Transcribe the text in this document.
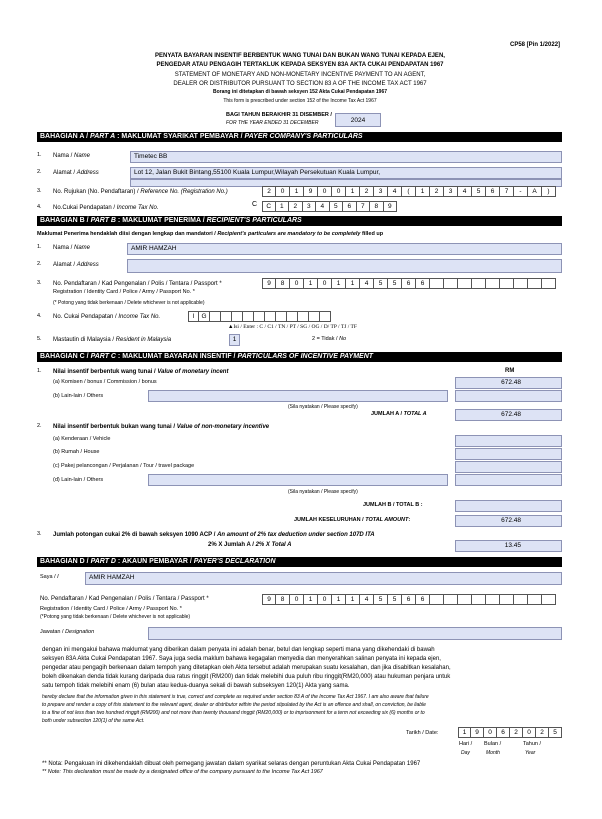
CP58 [Pin 1/2022]
PENYATA BAYARAN INSENTIF BERBENTUK WANG TUNAI DAN BUKAN WANG TUNAI KEPADA EJEN,
PENGEDAR ATAU PENGAGIH TERTAKLUK KEPADA SEKSYEN 83A AKTA CUKAI PENDAPATAN 1967
STATEMENT OF MONETARY AND NON-MONETARY INCENTIVE PAYMENT TO AN AGENT,
DEALER OR DISTRIBUTOR PURSUANT TO SECTION 83 A OF THE INCOME TAX ACT 1967
Borang ini ditetapkan di bawah seksyen 152 Akta Cukai Pendapatan 1967
This form is prescribed under section 152 of the Income Tax Act 1967
BAGI TAHUN BERAKHIR 31 DISEMBER /
FOR THE YEAR ENDED 31 DECEMBER	2024
BAHAGIAN A / PART A : MAKLUMAT SYARIKAT PEMBAYAR / PAYER COMPANY'S PARTICULARS
1. Nama / Name	Timetec BB
2. Alamat / Address	Lot 12, Jalan Bukit Bintang,55100 Kuala Lumpur,Wilayah Persekutuan Kuala Lumpur,
3. No. Rujukan (No. Pendaftaran) / Reference No. (Registration No.)	2	0	1	9	0	0	1	2	3	4	(	1	2	3	4	5	6	7	-	A	)
4. No.Cukai Pendapatan / Income Tax No.	C	C	1	2	3	4	5	6	7	8	9
BAHAGIAN B / PART B : MAKLUMAT PENERIMA / RECIPIENT'S PARTICULARS
Maklumat Penerima hendaklah diisi dengan lengkap dan mandatori / Recipient's particulars are mandatory to be completely filled up
1. Nama / Name	AMIR HAMZAH
2. Alamat / Address
3. No. Pendaftaran / Kad Pengenalan / Polis / Tentara / Passport *
Registration / Identity Card / Police / Army / Passport No. *
(* Potong yang tidak berkenaan / Delete whichever is not applicable)
9	8	0	1	0	1	1	4	5	5	6	6
4. No. Cukai Pendapatan / Income Tax No.	I	G
▲Isi / Enter : C / C1 / TN / PT / SG / OG / D/ TP / TJ / TF
5. Mastautin di Malaysia / Resident in Malaysia	1	2 = Tidak / No
BAHAGIAN C / PART C : MAKLUMAT BAYARAN INSENTIF / PARTICULARS OF INCENTIVE PAYMENT
RM
1. Nilai insentif berbentuk wang tunai / Value of monetary incent
(a) Komisen / bonus / Commission / bonus	672.48
(b) Lain-lain / Others
(Sila nyatakan / Please specify)
JUMLAH A / TOTAL A	672.48
2. Nilai insentif berbentuk bukan wang tunai / Value of non-monetary incentive
(a) Kenderaan / Vehicle
(b) Rumah / House
(c) Pakej pelancongan / Perjalanan / Tour / travel package
(d) Lain-lain / Others
(Sila nyatakan / Please specify)
JUMLAH B / TOTAL B :
JUMLAH KESELURUHAN / TOTAL AMOUNT:	672.48
3. Jumlah potongan cukai 2% di bawah seksyen 1090 ACP / An amount of 2% tax deduction under section 107D ITA
2% X Jumlah A / 2% X Total A	13.45
BAHAGIAN D / PART D : AKAUN PEMBAYAR / PAYER'S DECLARATION
Saya / I	AMIR HAMZAH
No. Pendaftaran / Kad Pengenalan / Polis / Tentara / Passport *
Registration / Identity Card / Police / Army / Passport No. *
(*Potong yang tidak berkenaan / Delete whichever is not applicable)
9	8	0	1	0	1	1	4	5	5	6	6
Jawatan / Designation
dengan ini mengakui bahawa maklumat yang diberikan dalam penyata ini adalah benar, betul dan lengkap seperti mana yang dikehendaki di bawah
seksyen 83A Akta Cukai Pendapatan 1967. Saya juga sedia maklum bahawa kegagalan menyedia dan menyerahkan salinan penyata ini kepada ejen,
pengedar atau pengagih berkenaan dalam tempoh yang ditetapkan oleh Akta tersebut adalah merupakan suatu kesalahan, dan jika disabitkan kesalahan,
boleh dikenakan denda tidak kurang daripada dua ratus ringgit (RM200) dan tidak melebihi dua puluh ribu ringgit(RM20,000) atau hukuman penjara untuk
satu tempoh tidak melebihi enam (6) bulan atau kedua-duanya sekali di bawah subseksyen 120(1) Akta yang sama.
hereby declare that the information given in this statement is true, correct and complete as required under section 83 A of the Income Tax Act 1967. I am also aware that failure
to prepare and render a copy of this statement to the relevant agent, dealer or distributor within the period stipulated by the Act is an offence and shall, on conviction, be liable
to a fine of not less than two hundred ringgit (RM200) and not more than twenty thousand ringgit (RM20,000) or to imprisonment for a term not exceeding six (6) months or to
both under subsection 120(1) of the same Act.
Tarikh / Date:	1	9	0	6	2	0	2	5
Hari /
Day
Bulan /
Month
Tahun /
Year
** Nota: Pengakuan ini dikehendaklah dibuat oleh pemegang jawatan dalam syarikat selaras dengan peruntukan Akta Cukai Pendapatan 1967
** Note: This declaration must be made by a designated office of the company pursuant to the Income Tax Act 1967
